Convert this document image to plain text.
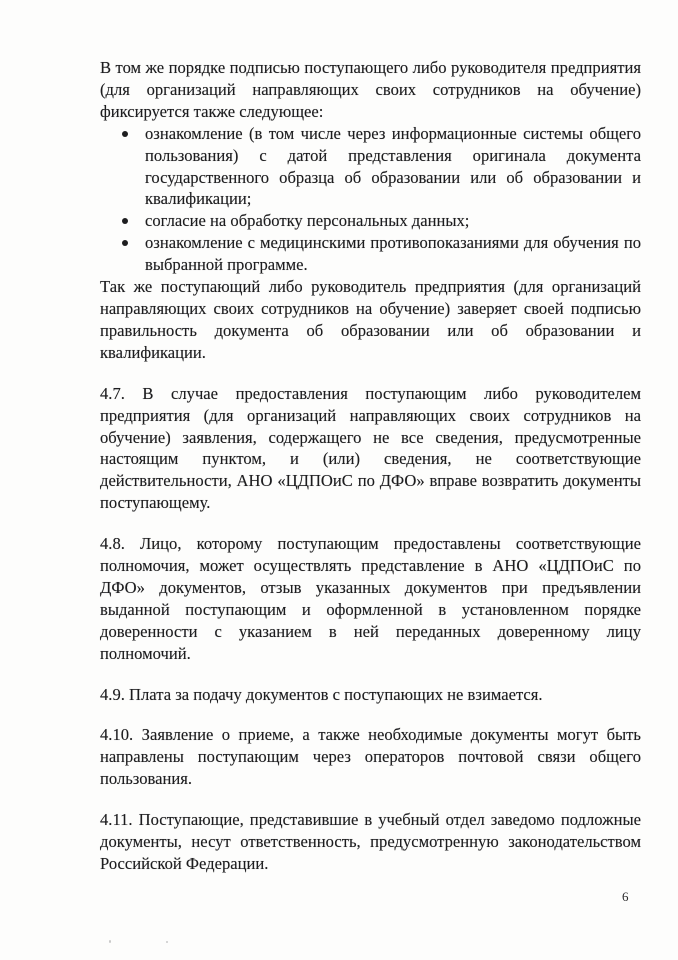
В том же порядке подписью поступающего либо руководителя предприятия (для организаций направляющих своих сотрудников на обучение) фиксируется также следующее:

ознакомление (в том числе через информационные системы общего пользования) с датой представления оригинала документа государственного образца об образовании или об образовании и квалификации;
согласие на обработку персональных данных;
ознакомление с медицинскими противопоказаниями для обучения по выбранной программе.

Так же поступающий либо руководитель предприятия (для организаций направляющих своих сотрудников на обучение) заверяет своей подписью правильность документа об образовании или об образовании и квалификации.

4.7. В случае предоставления поступающим либо руководителем предприятия (для организаций направляющих своих сотрудников на обучение) заявления, содержащего не все сведения, предусмотренные настоящим пунктом, и (или) сведения, не соответствующие действительности, АНО «ЦДПОиС по ДФО» вправе возвратить документы поступающему.

4.8. Лицо, которому поступающим предоставлены соответствующие полномочия, может осуществлять представление в АНО «ЦДПОиС по ДФО» документов, отзыв указанных документов при предъявлении выданной поступающим и оформленной в установленном порядке доверенности с указанием в ней переданных доверенному лицу полномочий.

4.9. Плата за подачу документов с поступающих не взимается.

4.10. Заявление о приеме, а также необходимые документы могут быть направлены поступающим через операторов почтовой связи общего пользования.

4.11. Поступающие, представившие в учебный отдел заведомо подложные документы, несут ответственность, предусмотренную законодательством Российской Федерации.

6
